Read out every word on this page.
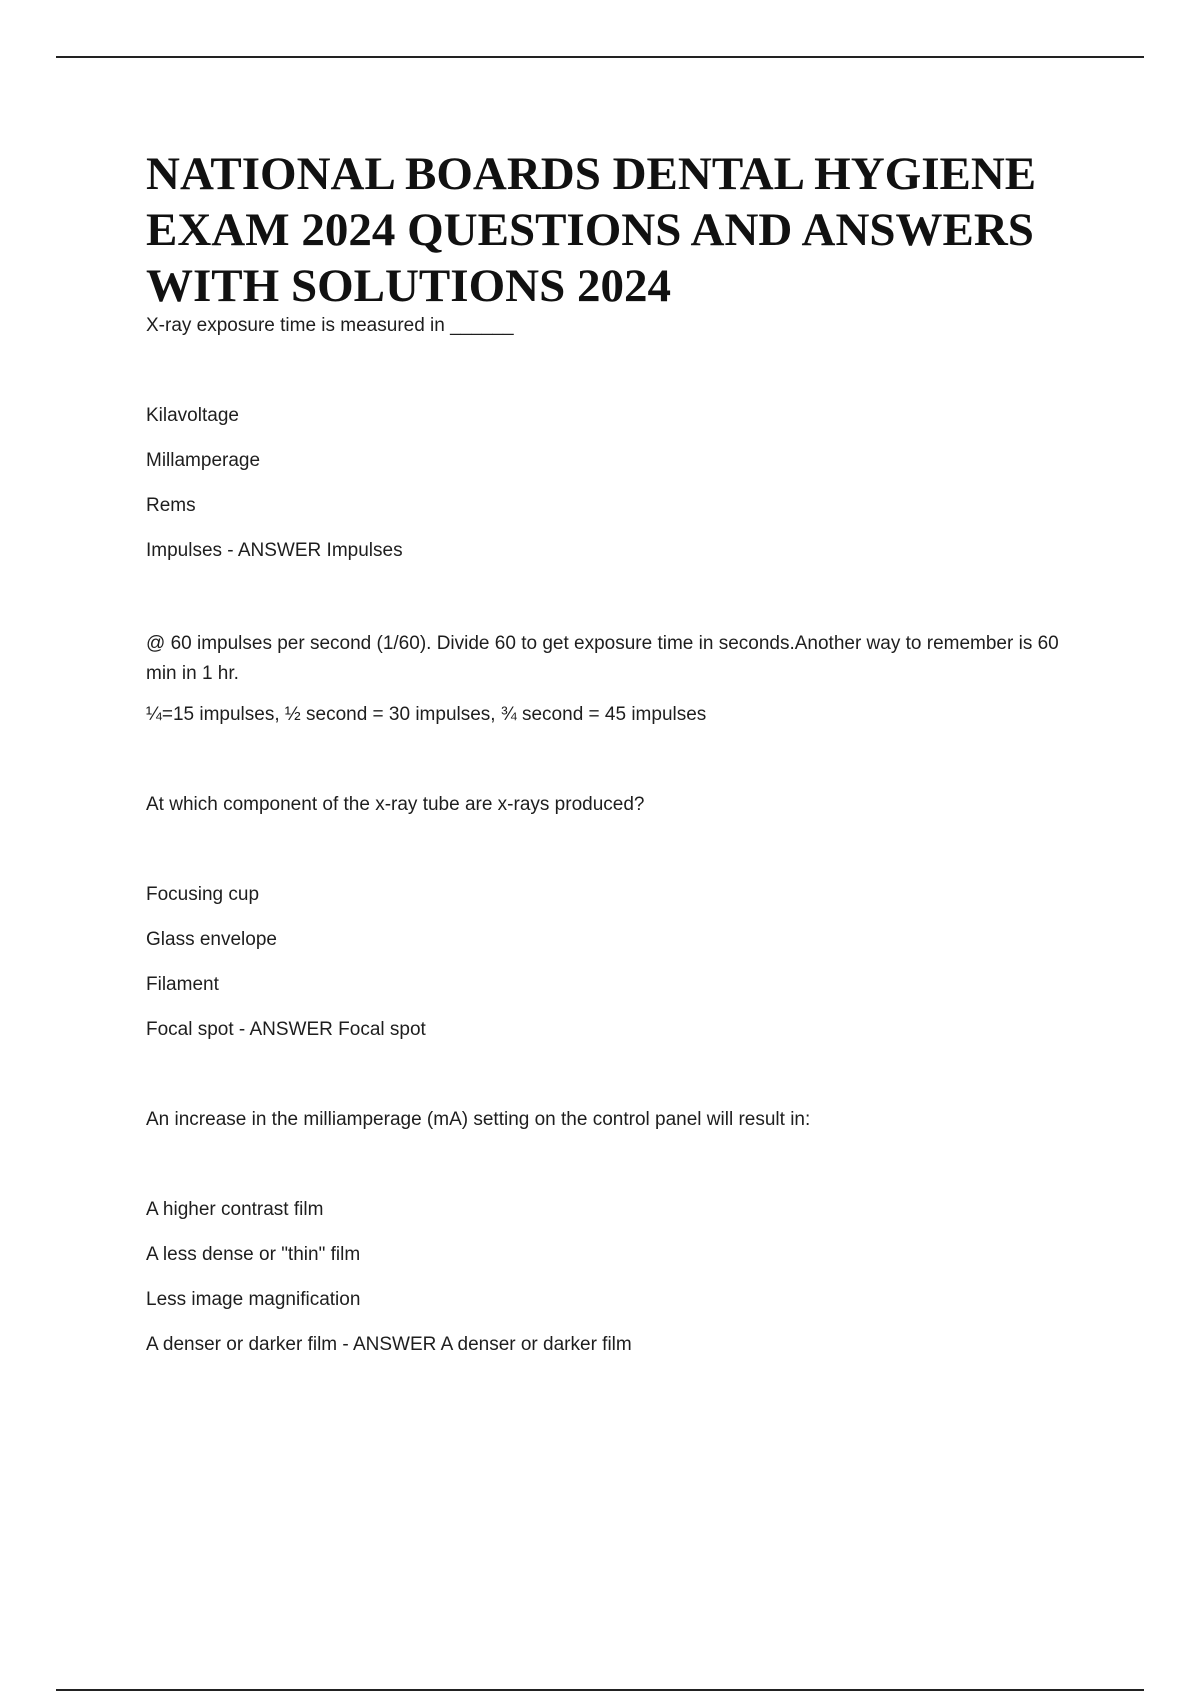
NATIONAL BOARDS DENTAL HYGIENE EXAM 2024 QUESTIONS AND ANSWERS WITH SOLUTIONS 2024

X-ray exposure time is measured in ______

Kilavoltage

Millamperage

Rems

Impulses - ANSWER Impulses

@ 60 impulses per second (1/60). Divide 60 to get exposure time in seconds.Another way to remember is 60 min in 1 hr.

¼=15 impulses, ½ second = 30 impulses, ¾ second = 45 impulses

At which component of the x-ray tube are x-rays produced?

Focusing cup

Glass envelope

Filament

Focal spot - ANSWER Focal spot

An increase in the milliamperage (mA) setting on the control panel will result in:

A higher contrast film

A less dense or "thin" film

Less image magnification

A denser or darker film - ANSWER A denser or darker film
